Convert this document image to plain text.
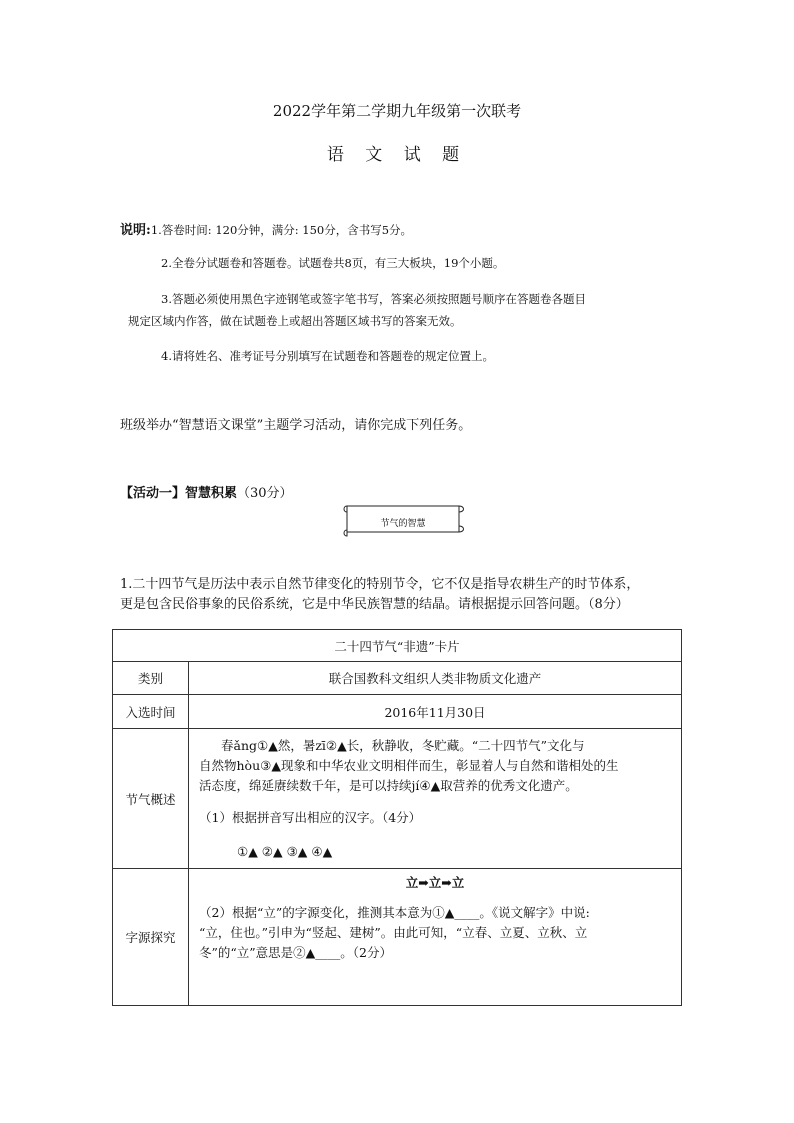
2022学年第二学期九年级第一次联考
语 文 试 题
说明:1.答卷时间: 120分钟，满分: 150分，含书写5分。
2.全卷分试题卷和答题卷。试题卷共8页，有三大板块，19个小题。
3.答题必须使用黑色字迹钢笔或签字笔书写，答案必须按照题号顺序在答题卷各题目
规定区域内作答，做在试题卷上或超出答题区域书写的答案无效。
4.请将姓名、准考证号分别填写在试题卷和答题卷的规定位置上。
班级举办“智慧语文课堂”主题学习活动，请你完成下列任务。
【活动一】智慧积累（30分）
节气的智慧
1.二十四节气是历法中表示自然节律变化的特别节令，它不仅是指导农耕生产的时节体系，
更是包含民俗事象的民俗系统，它是中华民族智慧的结晶。请根据提示回答问题。（8分）
二十四节气“非遗”卡片	
类别	联合国教科文组织人类非物质文化遗产
入选时间	2016年11月30日
节气概述	春ǎng①▲然，暑zī②▲长，秋静收，冬贮藏。“二十四节气”文化与
自然物hòu③▲现象和中华农业文明相伴而生，彰显着人与自然和谐相处的生
活态度，绵延赓续数千年，是可以持续jí④▲取营养的优秀文化遗产。
（1）根据拼音写出相应的汉字。（4分）
①▲ ②▲ ③▲ ④▲

字源探究	⽴➡⽴➡立
（2）根据“立”的字源变化，推测其本意为①▲____。《说文解字》中说:
“立，住也。”引申为“竖起、建树”。由此可知，“立春、立夏、立秋、立
冬”的“立”意思是②▲____。（2分）
